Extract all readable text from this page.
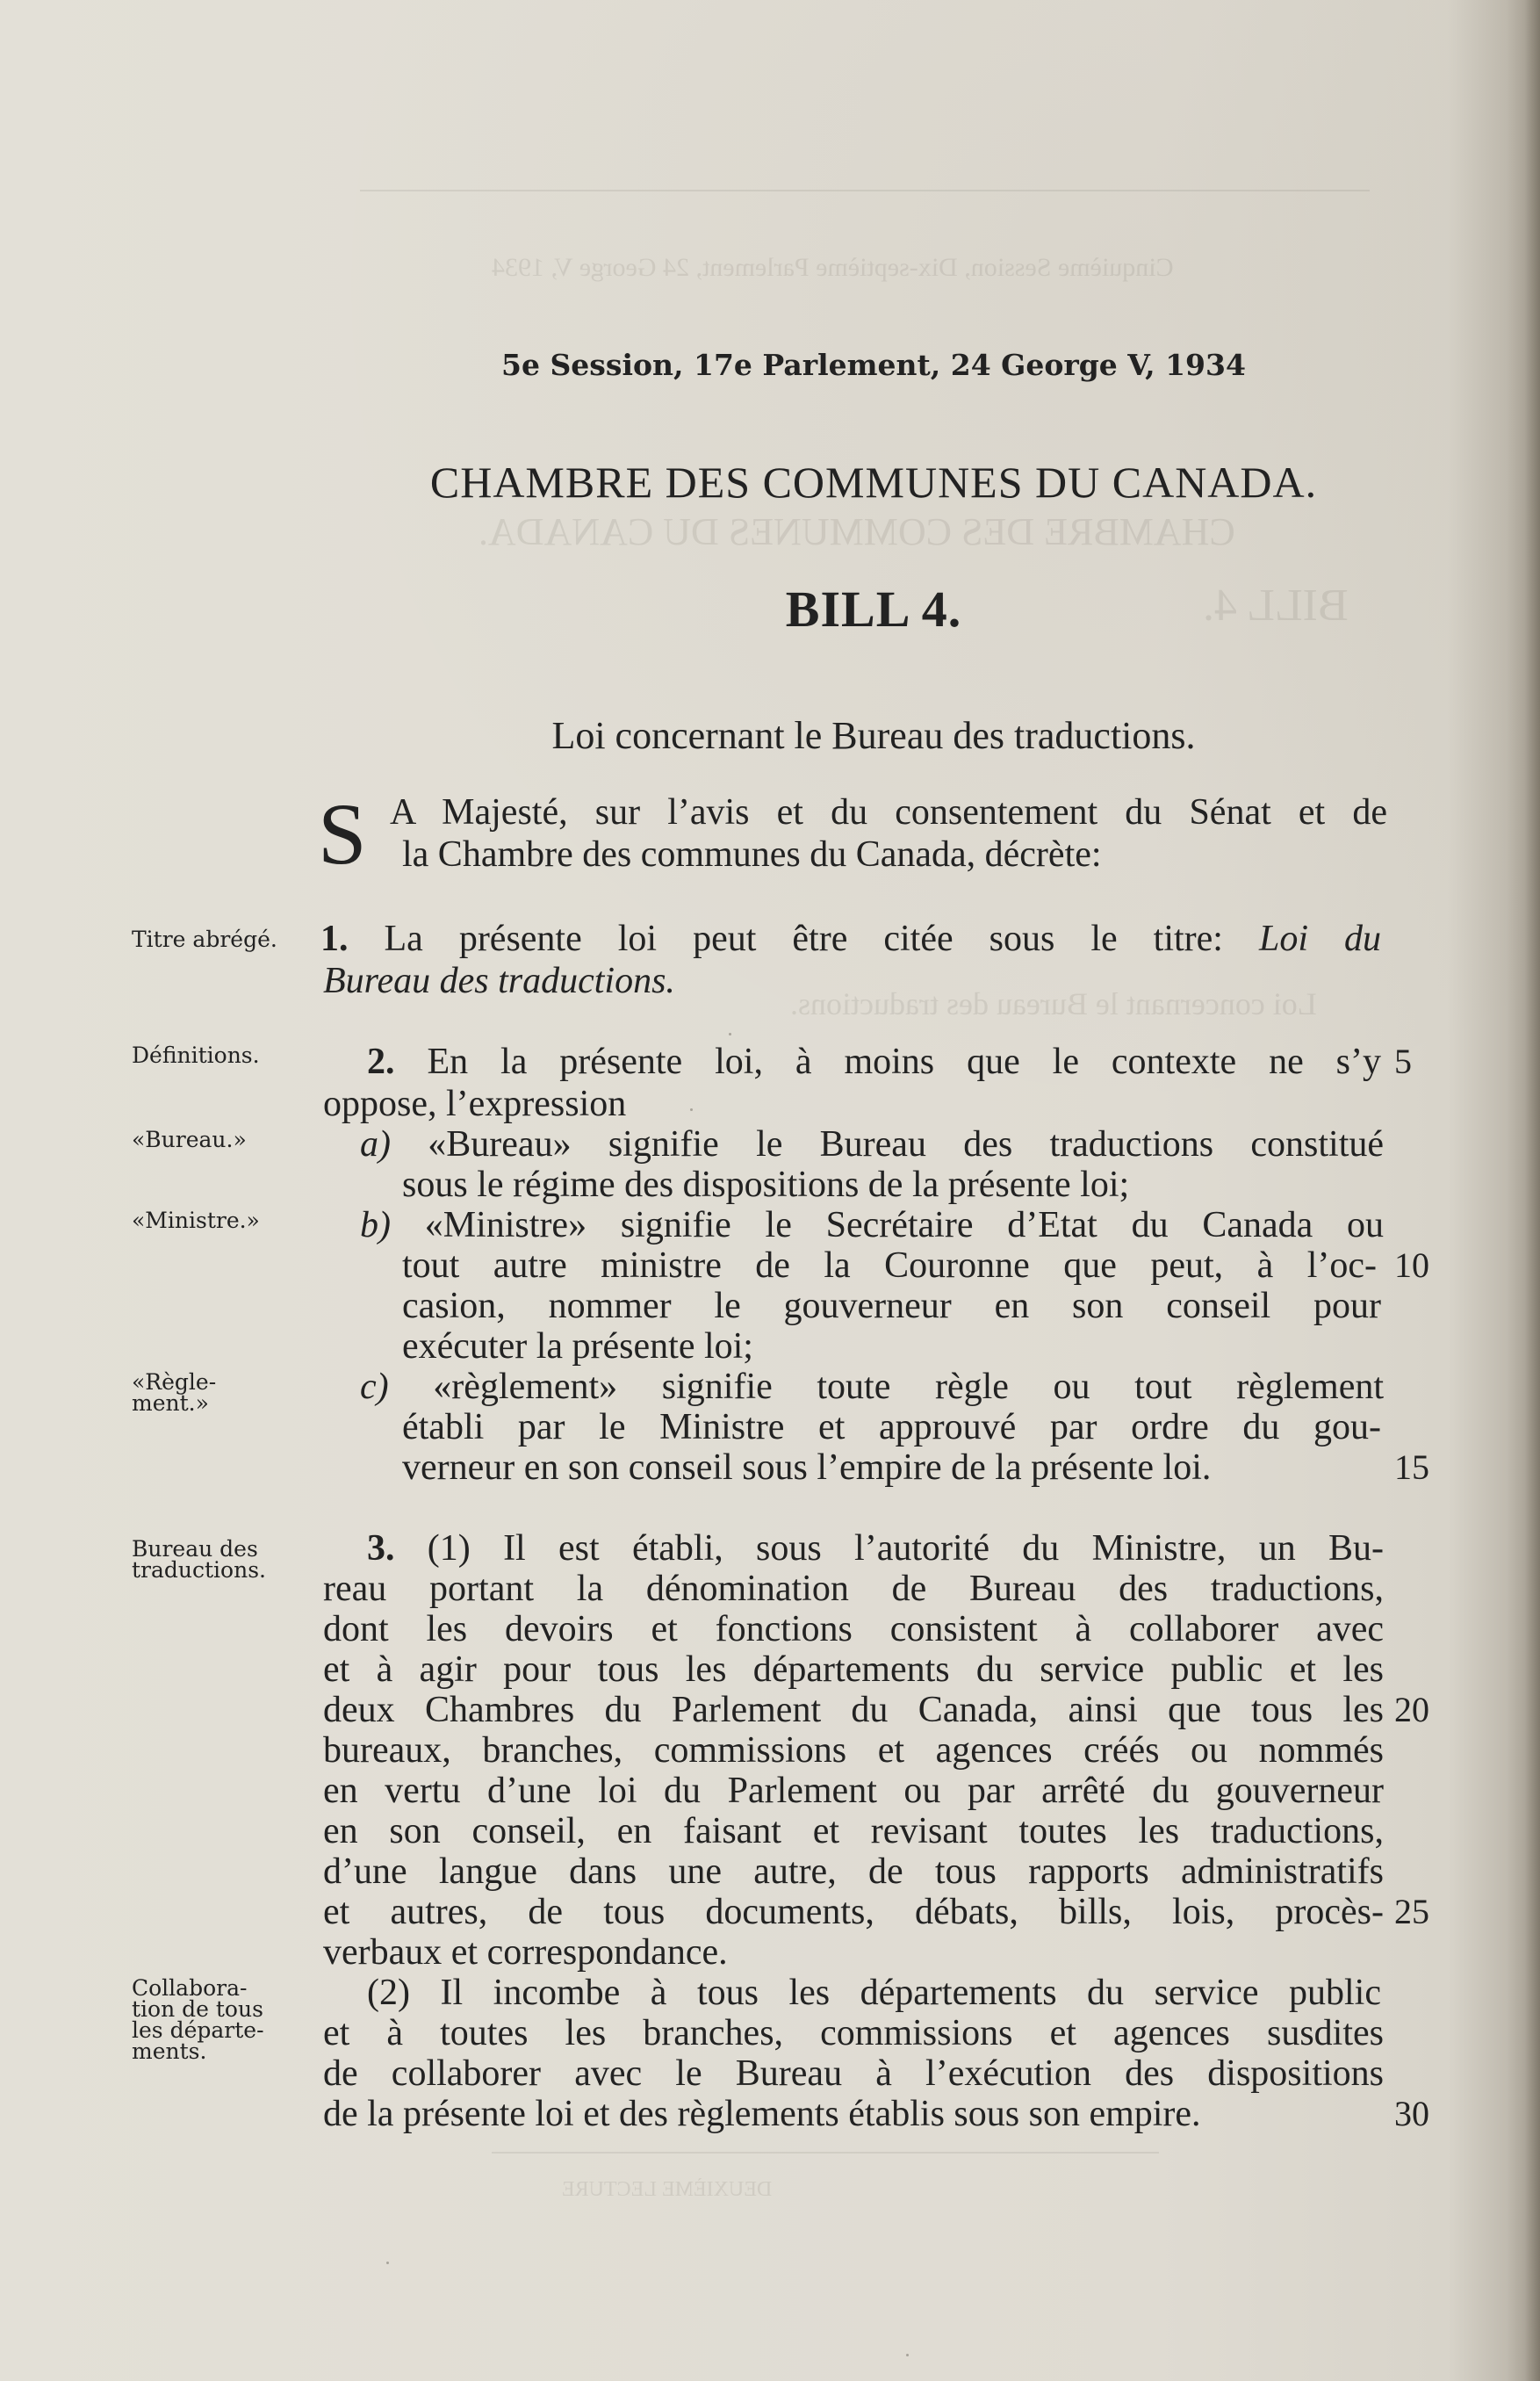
Cinquième Session, Dix-septième Parlement, 24 George V, 1934
CHAMBRE DES COMMUNES DU CANADA.
BILL 4.
Loi concernant le Bureau des traductions.
DEUXIÈME LECTURE
5e Session, 17e Parlement, 24 George V, 1934
CHAMBRE DES COMMUNES DU CANADA.
BILL 4.
Loi concernant le Bureau des traductions.
S A Majesté, sur l’avis et du consentement du Sénat et de
la Chambre des communes du Canada, décrète:
Titre abrégé.	1. La présente loi peut être citée sous le titre: Loi du
Bureau des traductions.
Définitions.	2. En la présente loi, à moins que le contexte ne s’y 5
oppose, l’expression
«Bureau.»	a) «Bureau» signifie le Bureau des traductions constitué
sous le régime des dispositions de la présente loi;
«Ministre.»	b) «Ministre» signifie le Secrétaire d’Etat du Canada ou
tout autre ministre de la Couronne que peut, à l’oc- 10
casion, nommer le gouverneur en son conseil pour
exécuter la présente loi;
«Règle-
ment.»	c) «règlement» signifie toute règle ou tout règlement
établi par le Ministre et approuvé par ordre du gou-
verneur en son conseil sous l’empire de la présente loi.	15
Bureau des
traductions.
3. (1) Il est établi, sous l’autorité du Ministre, un Bu-
reau portant la dénomination de Bureau des traductions,
dont les devoirs et fonctions consistent à collaborer avec
et à agir pour tous les départements du service public et les
deux Chambres du Parlement du Canada, ainsi que tous les 20
bureaux, branches, commissions et agences créés ou nommés
en vertu d’une loi du Parlement ou par arrêté du gouverneur
en son conseil, en faisant et revisant toutes les traductions,
d’une langue dans une autre, de tous rapports administratifs
et autres, de tous documents, débats, bills, lois, procès- 25
verbaux et correspondance.
Collabora-
tion de tous
les départe-
ments.
(2) Il incombe à tous les départements du service public
et à toutes les branches, commissions et agences susdites
de collaborer avec le Bureau à l’exécution des dispositions
de la présente loi et des règlements établis sous son empire.	30
